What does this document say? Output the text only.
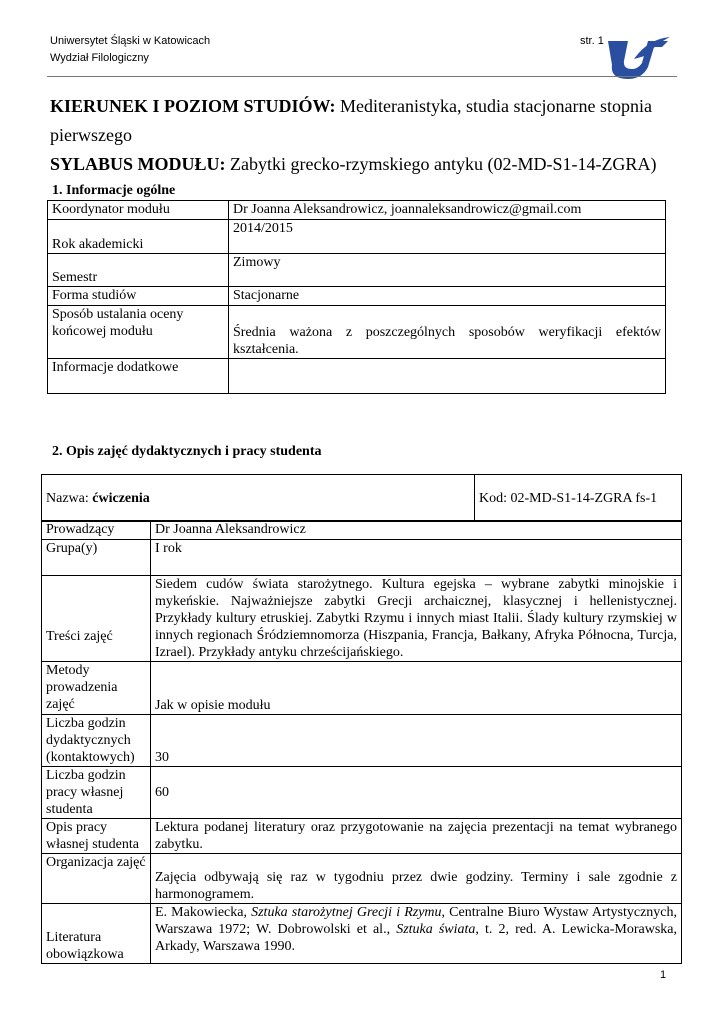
Uniwersytet Śląski w Katowicach
Wydział Filologiczny
str. 1
KIERUNEK I POZIOM STUDIÓW: Mediteranistyka, studia stacjonarne stopnia
pierwszego
SYLABUS MODUŁU: Zabytki grecko-rzymskiego antyku (02-MD-S1-14-ZGRA)
1. Informacje ogólne
Koordynator modułu	Dr Joanna Aleksandrowicz, joannaleksandrowicz@gmail.com
Rok akademicki	2014/2015
Semestr	Zimowy
Forma studiów	Stacjonarne
Sposób ustalania oceny końcowej modułu	Średnia ważona z poszczególnych sposobów weryfikacji efektów kształcenia.
Informacje dodatkowe	
2. Opis zajęć dydaktycznych i pracy studenta
Nazwa: ćwiczenia	Kod: 02-MD-S1-14-ZGRA fs-1
Prowadzący	Dr Joanna Aleksandrowicz
Grupa(y)	I rok
Treści zajęć	Siedem cudów świata starożytnego. Kultura egejska – wybrane zabytki minojskie i mykeńskie. Najważniejsze zabytki Grecji archaicznej, klasycznej i hellenistycznej. Przykłady kultury etruskiej. Zabytki Rzymu i innych miast Italii. Ślady kultury rzymskiej w innych regionach Śródziemnomorza (Hiszpania, Francja, Bałkany, Afryka Północna, Turcja, Izrael). Przykłady antyku chrześcijańskiego.
Metody prowadzenia zajęć	Jak w opisie modułu
Liczba godzin dydaktycznych (kontaktowych)	30
Liczba godzin pracy własnej studenta	60
Opis pracy własnej studenta	Lektura podanej literatury oraz przygotowanie na zajęcia prezentacji na temat wybranego zabytku.
Organizacja zajęć	Zajęcia odbywają się raz w tygodniu przez dwie godziny. Terminy i sale zgodnie z harmonogramem.
Literatura obowiązkowa	E. Makowiecka, Sztuka starożytnej Grecji i Rzymu, Centralne Biuro Wystaw Artystycznych, Warszawa 1972; W. Dobrowolski et al., Sztuka świata, t. 2, red. A. Lewicka-Morawska, Arkady, Warszawa 1990.
1
